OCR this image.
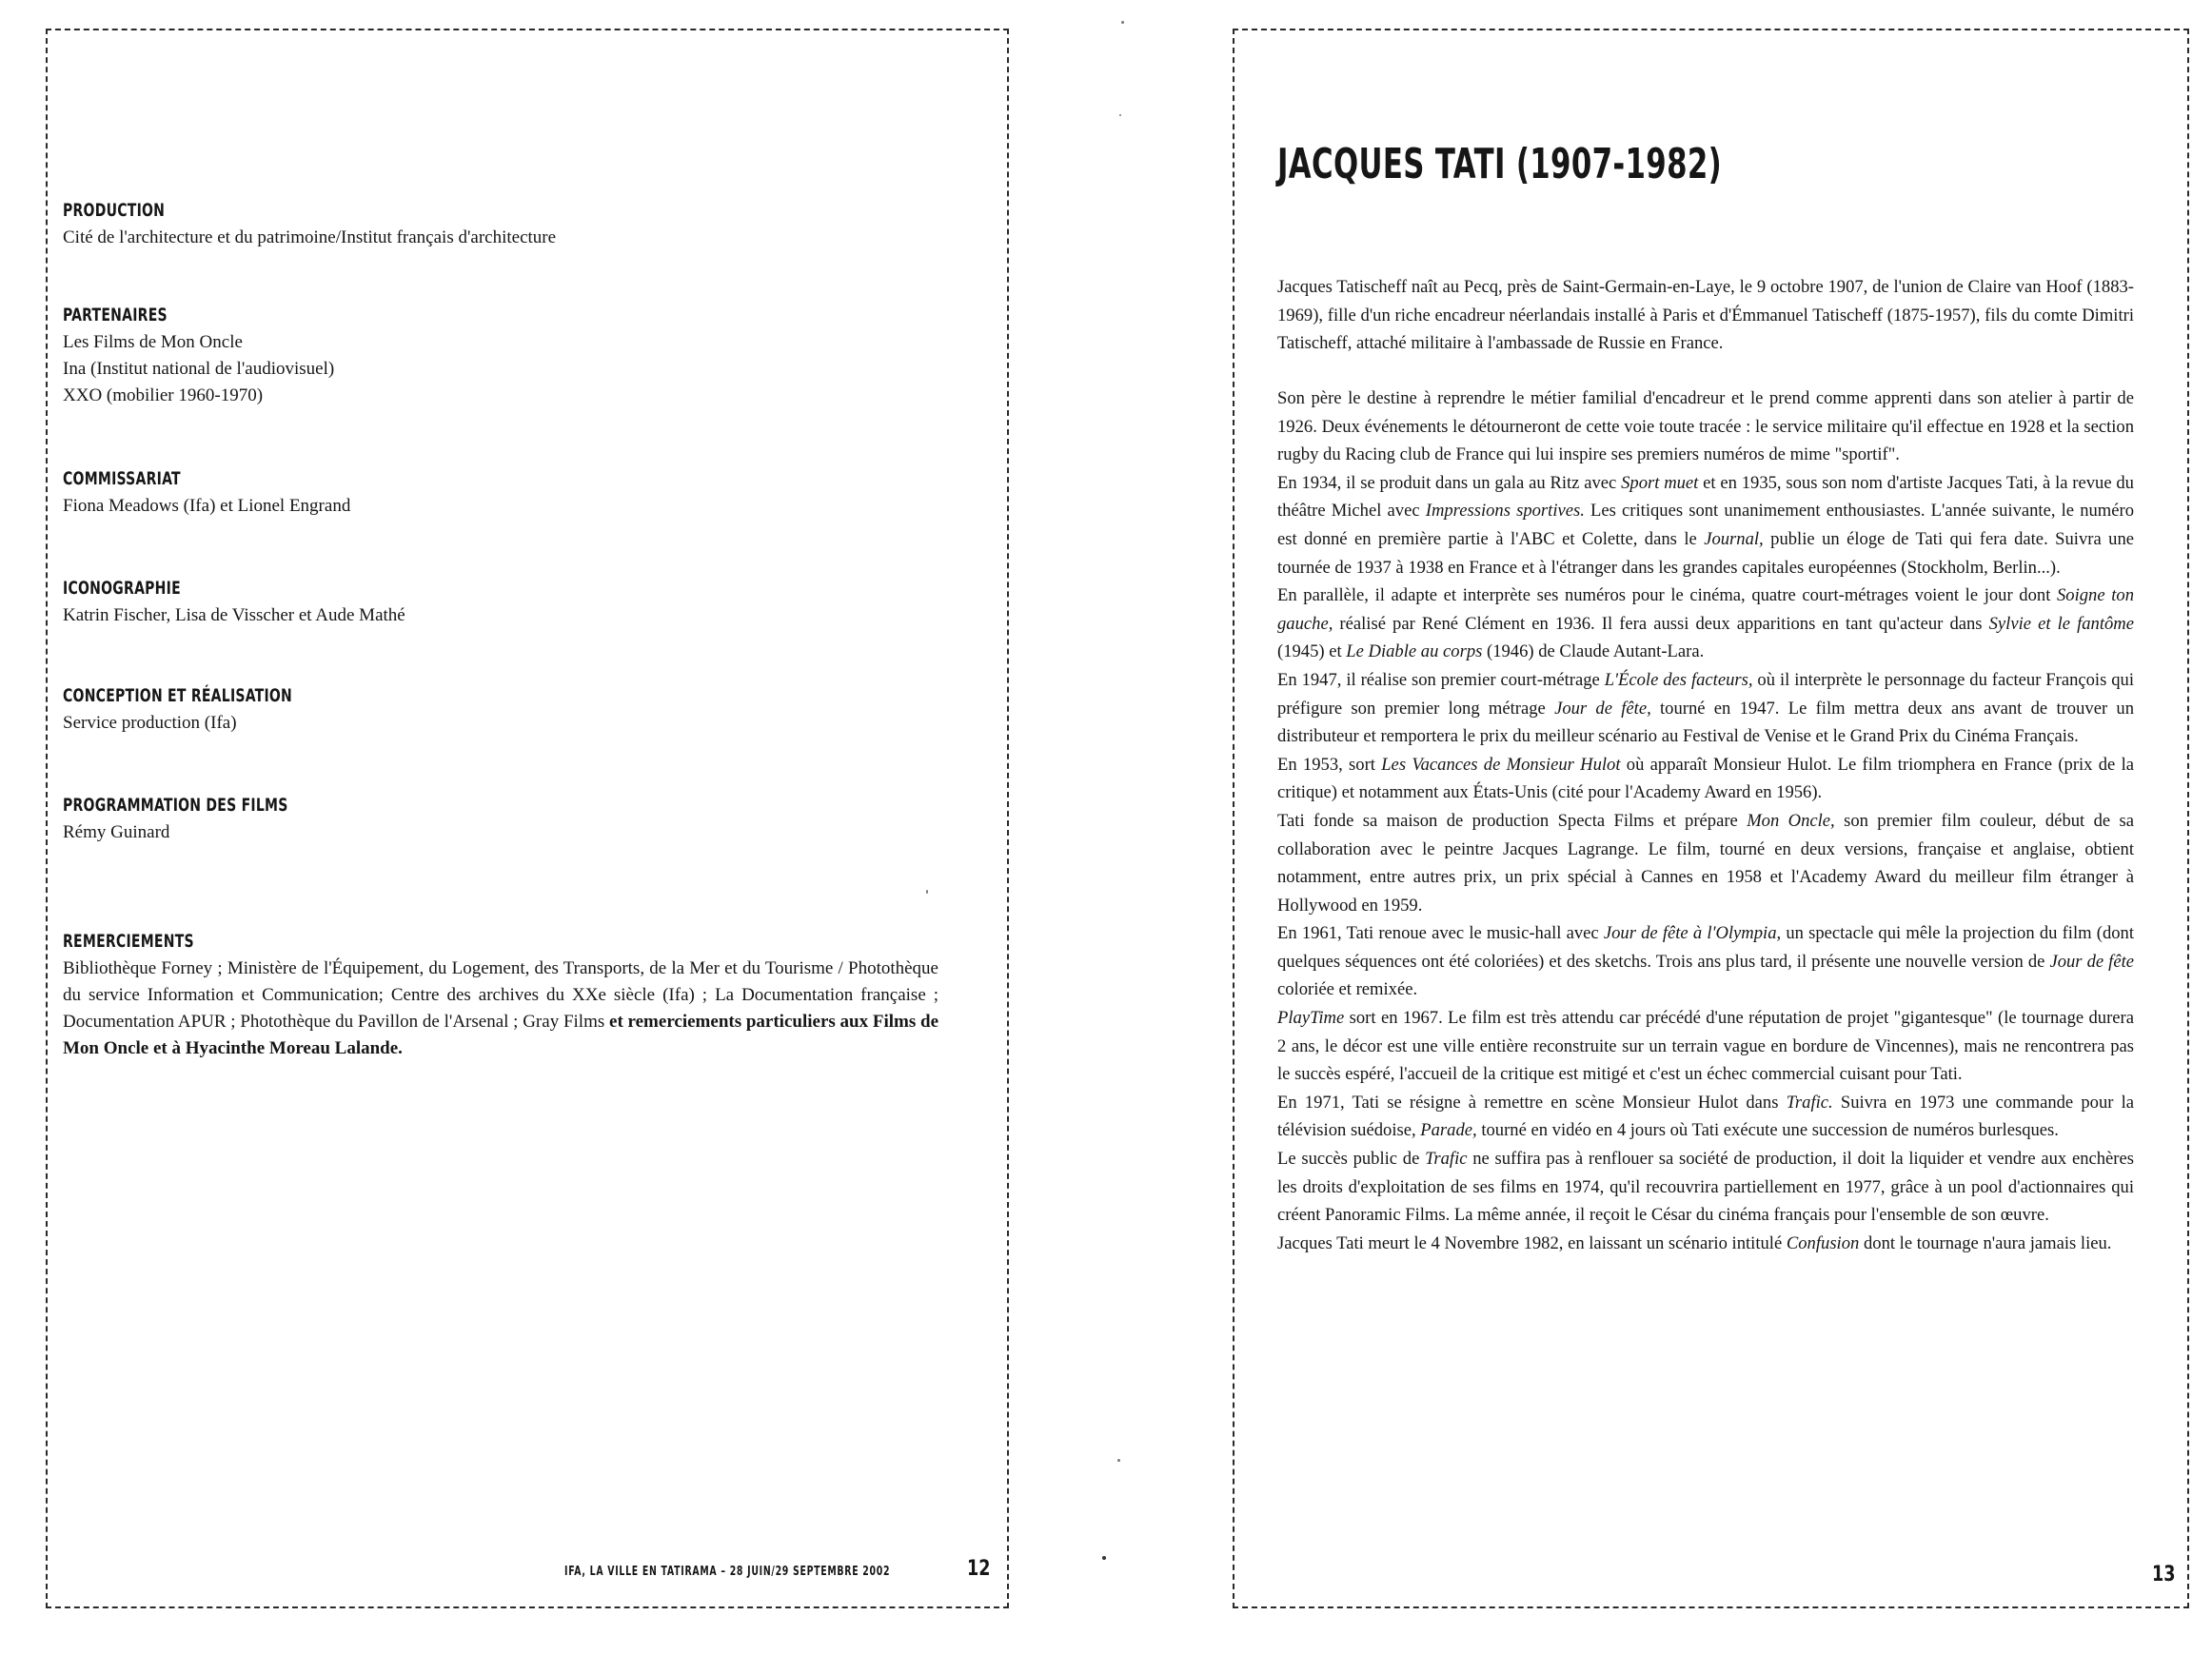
PRODUCTION
Cité de l'architecture et du patrimoine/Institut français d'architecture
PARTENAIRES
Les Films de Mon Oncle
Ina (Institut national de l'audiovisuel)
XXO (mobilier 1960-1970)
COMMISSARIAT
Fiona Meadows (Ifa) et Lionel Engrand
ICONOGRAPHIE
Katrin Fischer, Lisa de Visscher et Aude Mathé
CONCEPTION ET RÉALISATION
Service production (Ifa)
PROGRAMMATION DES FILMS
Rémy Guinard
REMERCIEMENTS
Bibliothèque Forney ; Ministère de l'Équipement, du Logement, des Transports, de la Mer et du Tourisme / Photothèque du service Information et Communication; Centre des archives du XXe siècle (Ifa) ; La Documentation française ; Documentation APUR ; Photothèque du Pavillon de l'Arsenal ; Gray Films et remerciements particuliers aux Films de Mon Oncle et à Hyacinthe Moreau Lalande.
IFA, LA VILLE EN TATIRAMA – 28 JUIN/29 SEPTEMBRE 2002	12
JACQUES TATI (1907-1982)

Jacques Tatischeff naît au Pecq, près de Saint-Germain-en-Laye, le 9 octobre 1907, de l'union de Claire van Hoof (1883-1969), fille d'un riche encadreur néerlandais installé à Paris et d'Émmanuel Tatischeff (1875-1957), fils du comte Dimitri Tatischeff, attaché militaire à l'ambassade de Russie en France.

Son père le destine à reprendre le métier familial d'encadreur et le prend comme apprenti dans son atelier à partir de 1926. Deux événements le détourneront de cette voie toute tracée : le service militaire qu'il effectue en 1928 et la section rugby du Racing club de France qui lui inspire ses premiers numéros de mime "sportif".

En 1934, il se produit dans un gala au Ritz avec Sport muet et en 1935, sous son nom d'artiste Jacques Tati, à la revue du théâtre Michel avec Impressions sportives. Les critiques sont unanimement enthousiastes. L'année suivante, le numéro est donné en première partie à l'ABC et Colette, dans le Journal, publie un éloge de Tati qui fera date. Suivra une tournée de 1937 à 1938 en France et à l'étranger dans les grandes capitales européennes (Stockholm, Berlin...).

En parallèle, il adapte et interprète ses numéros pour le cinéma, quatre court-métrages voient le jour dont Soigne ton gauche, réalisé par René Clément en 1936. Il fera aussi deux apparitions en tant qu'acteur dans Sylvie et le fantôme (1945) et Le Diable au corps (1946) de Claude Autant-Lara.

En 1947, il réalise son premier court-métrage L'École des facteurs, où il interprète le personnage du facteur François qui préfigure son premier long métrage Jour de fête, tourné en 1947. Le film mettra deux ans avant de trouver un distributeur et remportera le prix du meilleur scénario au Festival de Venise et le Grand Prix du Cinéma Français.

En 1953, sort Les Vacances de Monsieur Hulot où apparaît Monsieur Hulot. Le film triomphera en France (prix de la critique) et notamment aux États-Unis (cité pour l'Academy Award en 1956).

Tati fonde sa maison de production Specta Films et prépare Mon Oncle, son premier film couleur, début de sa collaboration avec le peintre Jacques Lagrange. Le film, tourné en deux versions, française et anglaise, obtient notamment, entre autres prix, un prix spécial à Cannes en 1958 et l'Academy Award du meilleur film étranger à Hollywood en 1959.

En 1961, Tati renoue avec le music-hall avec Jour de fête à l'Olympia, un spectacle qui mêle la projection du film (dont quelques séquences ont été coloriées) et des sketchs. Trois ans plus tard, il présente une nouvelle version de Jour de fête coloriée et remixée.

PlayTime sort en 1967. Le film est très attendu car précédé d'une réputation de projet "gigantesque" (le tournage durera 2 ans, le décor est une ville entière reconstruite sur un terrain vague en bordure de Vincennes), mais ne rencontrera pas le succès espéré, l'accueil de la critique est mitigé et c'est un échec commercial cuisant pour Tati.

En 1971, Tati se résigne à remettre en scène Monsieur Hulot dans Trafic. Suivra en 1973 une commande pour la télévision suédoise, Parade, tourné en vidéo en 4 jours où Tati exécute une succession de numéros burlesques.

Le succès public de Trafic ne suffira pas à renflouer sa société de production, il doit la liquider et vendre aux enchères les droits d'exploitation de ses films en 1974, qu'il recouvrira partiellement en 1977, grâce à un pool d'actionnaires qui créent Panoramic Films. La même année, il reçoit le César du cinéma français pour l'ensemble de son œuvre.

Jacques Tati meurt le 4 Novembre 1982, en laissant un scénario intitulé Confusion dont le tournage n'aura jamais lieu.

13
